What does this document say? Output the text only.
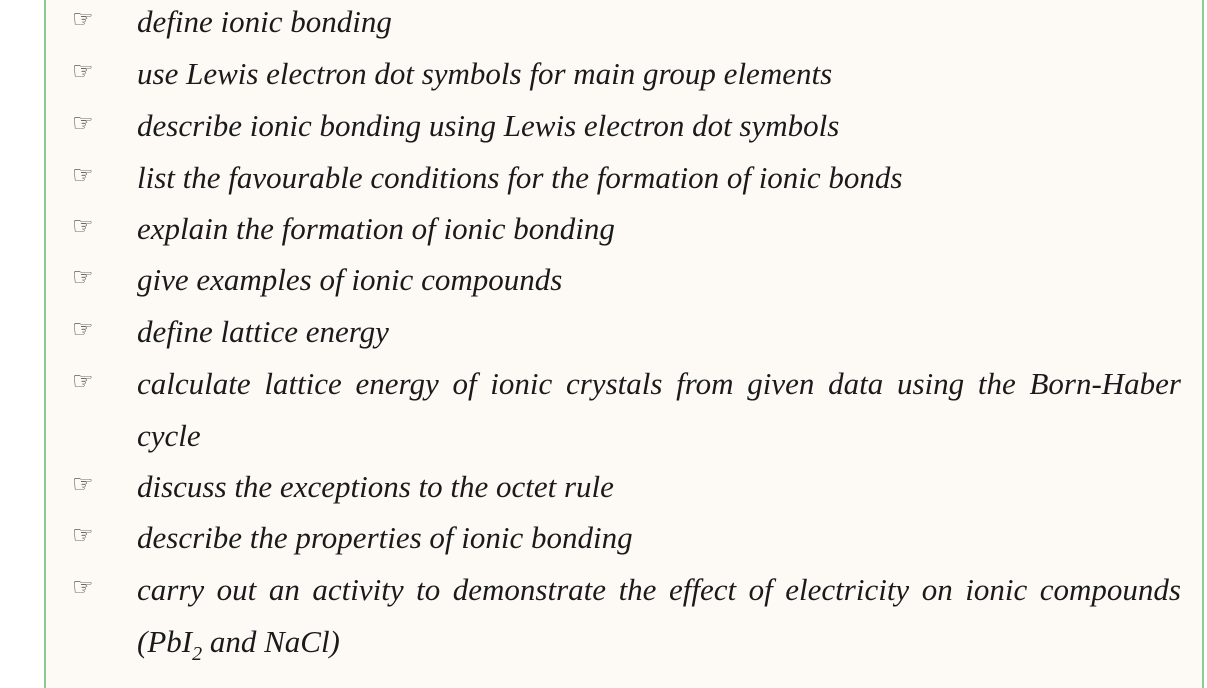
☞ define ionic bonding
☞ use Lewis electron dot symbols for main group elements
☞ describe ionic bonding using Lewis electron dot symbols
☞ list the favourable conditions for the formation of ionic bonds
☞ explain the formation of ionic bonding
☞ give examples of ionic compounds
☞ define lattice energy
☞ calculate lattice energy of ionic crystals from given data using the Born-Haber cycle
☞ discuss the exceptions to the octet rule
☞ describe the properties of ionic bonding
☞ carry out an activity to demonstrate the effect of electricity on ionic compounds (PbI$_2$ and NaCl)
